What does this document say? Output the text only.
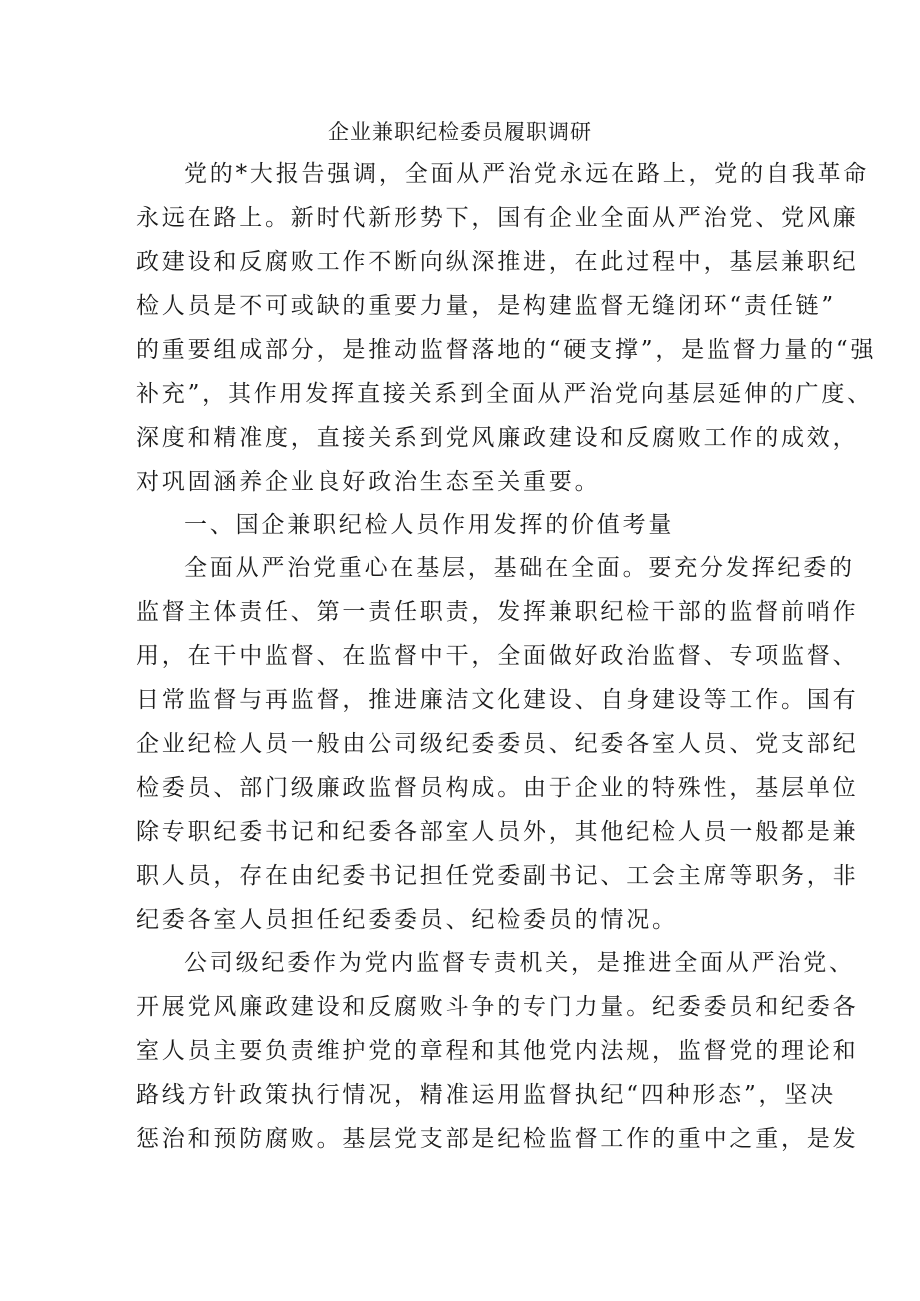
企业兼职纪检委员履职调研

党的*大报告强调，全面从严治党永远在路上，党的自我革命

永远在路上。新时代新形势下，国有企业全面从严治党、党风廉

政建设和反腐败工作不断向纵深推进，在此过程中，基层兼职纪

检人员是不可或缺的重要力量，是构建监督无缝闭环“责任链”

的重要组成部分，是推动监督落地的“硬支撑”，是监督力量的“强

补充”，其作用发挥直接关系到全面从严治党向基层延伸的广度、

深度和精准度，直接关系到党风廉政建设和反腐败工作的成效，

对巩固涵养企业良好政治生态至关重要。

一、国企兼职纪检人员作用发挥的价值考量

全面从严治党重心在基层，基础在全面。要充分发挥纪委的

监督主体责任、第一责任职责，发挥兼职纪检干部的监督前哨作

用，在干中监督、在监督中干，全面做好政治监督、专项监督、

日常监督与再监督，推进廉洁文化建设、自身建设等工作。国有

企业纪检人员一般由公司级纪委委员、纪委各室人员、党支部纪

检委员、部门级廉政监督员构成。由于企业的特殊性，基层单位

除专职纪委书记和纪委各部室人员外，其他纪检人员一般都是兼

职人员，存在由纪委书记担任党委副书记、工会主席等职务，非

纪委各室人员担任纪委委员、纪检委员的情况。

公司级纪委作为党内监督专责机关，是推进全面从严治党、

开展党风廉政建设和反腐败斗争的专门力量。纪委委员和纪委各

室人员主要负责维护党的章程和其他党内法规，监督党的理论和

路线方针政策执行情况，精准运用监督执纪“四种形态”，坚决

惩治和预防腐败。基层党支部是纪检监督工作的重中之重，是发
